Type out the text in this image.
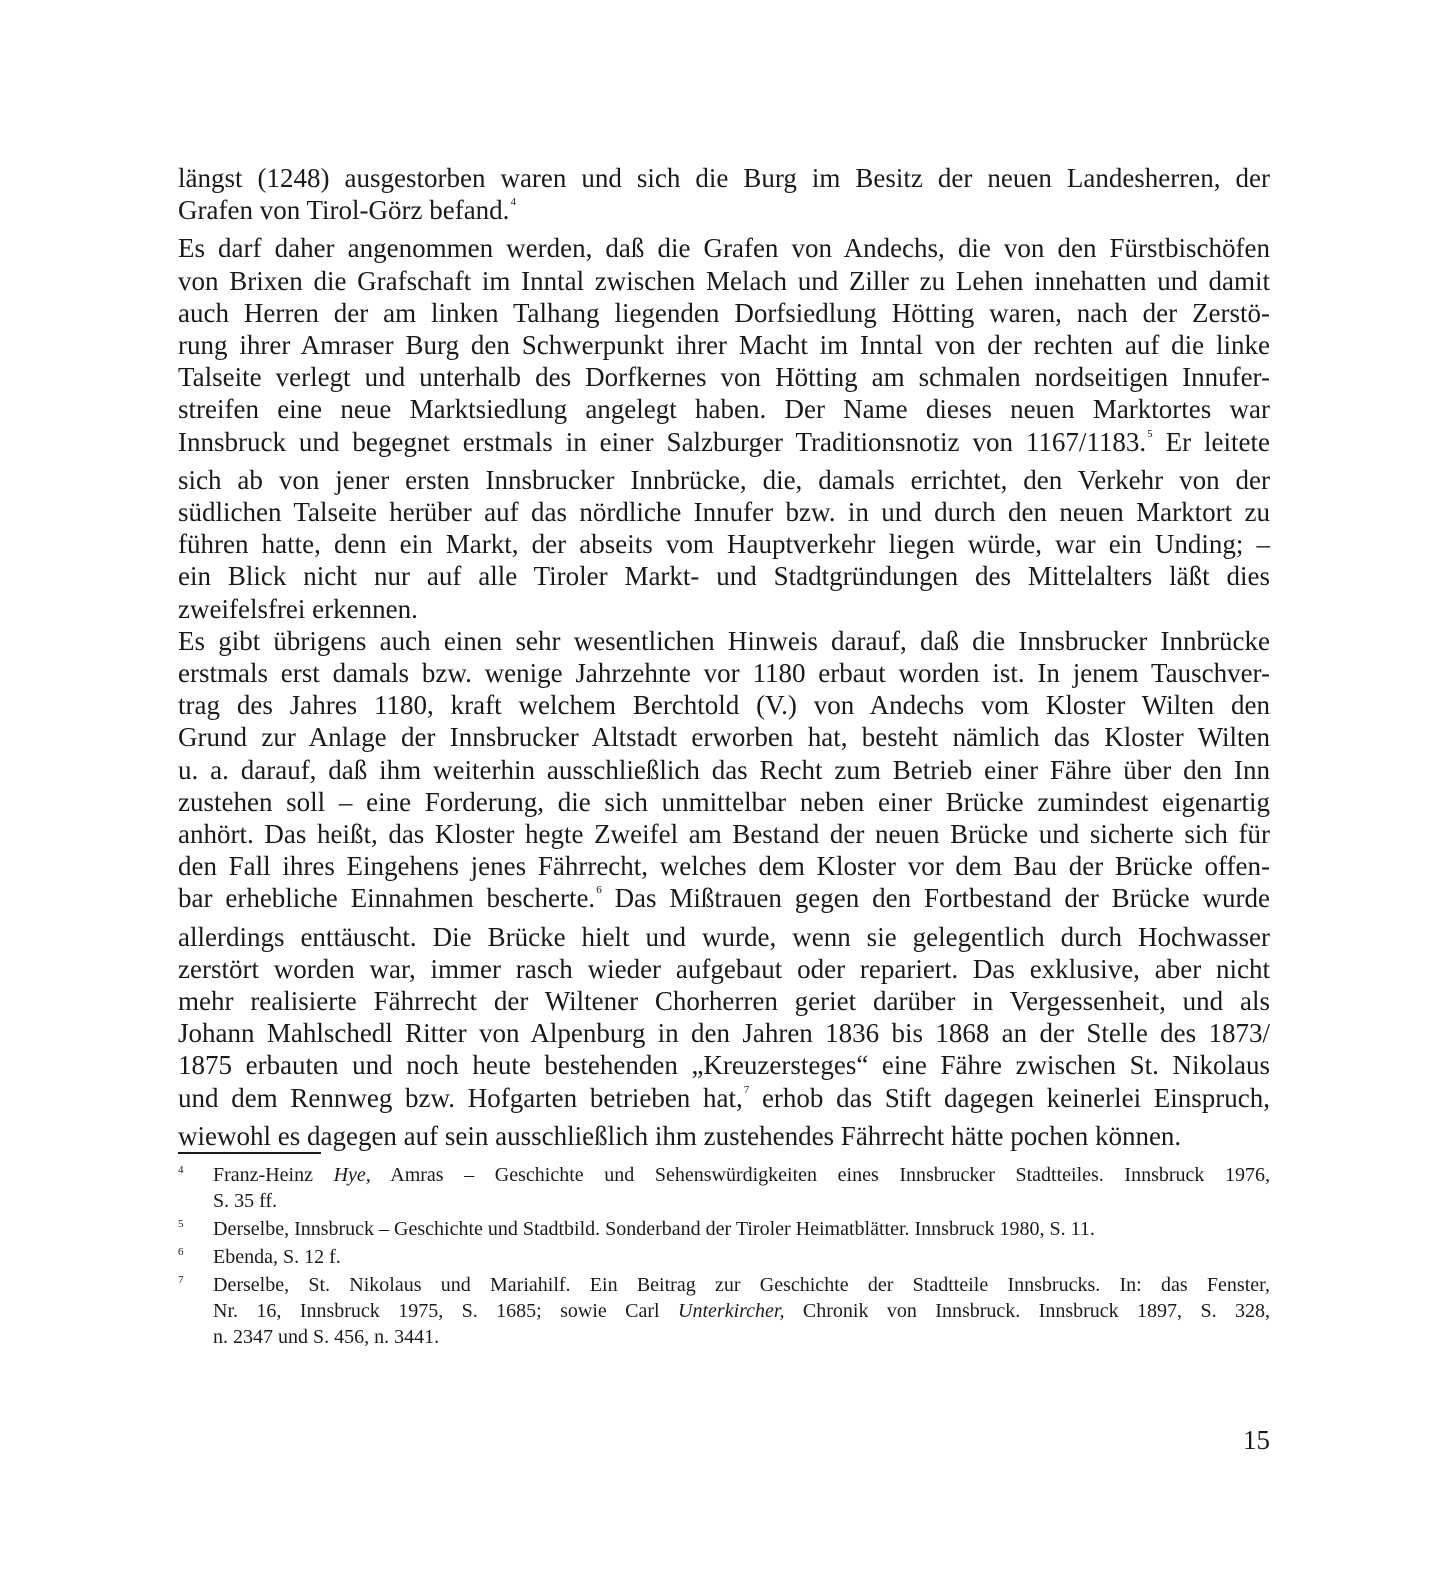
längst (1248) ausgestorben waren und sich die Burg im Besitz der neuen Landesherren, der
Grafen von Tirol-Görz befand.$^4$
Es darf daher angenommen werden, daß die Grafen von Andechs, die von den Fürstbischöfen
von Brixen die Grafschaft im Inntal zwischen Melach und Ziller zu Lehen innehatten und damit
auch Herren der am linken Talhang liegenden Dorfsiedlung Hötting waren, nach der Zerstö-
rung ihrer Amraser Burg den Schwerpunkt ihrer Macht im Inntal von der rechten auf die linke
Talseite verlegt und unterhalb des Dorfkernes von Hötting am schmalen nordseitigen Innufer-
streifen eine neue Marktsiedlung angelegt haben. Der Name dieses neuen Marktortes war
Innsbruck und begegnet erstmals in einer Salzburger Traditionsnotiz von 1167/1183.$^5$ Er leitete
sich ab von jener ersten Innsbrucker Innbrücke, die, damals errichtet, den Verkehr von der
südlichen Talseite herüber auf das nördliche Innufer bzw. in und durch den neuen Marktort zu
führen hatte, denn ein Markt, der abseits vom Hauptverkehr liegen würde, war ein Unding; –
ein Blick nicht nur auf alle Tiroler Markt- und Stadtgründungen des Mittelalters läßt dies
zweifelsfrei erkennen.
Es gibt übrigens auch einen sehr wesentlichen Hinweis darauf, daß die Innsbrucker Innbrücke
erstmals erst damals bzw. wenige Jahrzehnte vor 1180 erbaut worden ist. In jenem Tauschver-
trag des Jahres 1180, kraft welchem Berchtold (V.) von Andechs vom Kloster Wilten den
Grund zur Anlage der Innsbrucker Altstadt erworben hat, besteht nämlich das Kloster Wilten
u. a. darauf, daß ihm weiterhin ausschließlich das Recht zum Betrieb einer Fähre über den Inn
zustehen soll – eine Forderung, die sich unmittelbar neben einer Brücke zumindest eigenartig
anhört. Das heißt, das Kloster hegte Zweifel am Bestand der neuen Brücke und sicherte sich für
den Fall ihres Eingehens jenes Fährrecht, welches dem Kloster vor dem Bau der Brücke offen-
bar erhebliche Einnahmen bescherte.$^6$ Das Mißtrauen gegen den Fortbestand der Brücke wurde
allerdings enttäuscht. Die Brücke hielt und wurde, wenn sie gelegentlich durch Hochwasser
zerstört worden war, immer rasch wieder aufgebaut oder repariert. Das exklusive, aber nicht
mehr realisierte Fährrecht der Wiltener Chorherren geriet darüber in Vergessenheit, und als
Johann Mahlschedl Ritter von Alpenburg in den Jahren 1836 bis 1868 an der Stelle des 1873/
1875 erbauten und noch heute bestehenden „Kreuzersteges“ eine Fähre zwischen St. Nikolaus
und dem Rennweg bzw. Hofgarten betrieben hat,$^7$ erhob das Stift dagegen keinerlei Einspruch,
wiewohl es dagegen auf sein ausschließlich ihm zustehendes Fährrecht hätte pochen können.
4 Franz-Heinz Hye, Amras – Geschichte und Sehenswürdigkeiten eines Innsbrucker Stadtteiles. Innsbruck 1976,
S. 35 ff.
5 Derselbe, Innsbruck – Geschichte und Stadtbild. Sonderband der Tiroler Heimatblätter. Innsbruck 1980, S. 11.
6 Ebenda, S. 12 f.
7 Derselbe, St. Nikolaus und Mariahilf. Ein Beitrag zur Geschichte der Stadtteile Innsbrucks. In: das Fenster,
Nr. 16, Innsbruck 1975, S. 1685; sowie Carl Unterkircher, Chronik von Innsbruck. Innsbruck 1897, S. 328,
n. 2347 und S. 456, n. 3441.
15
